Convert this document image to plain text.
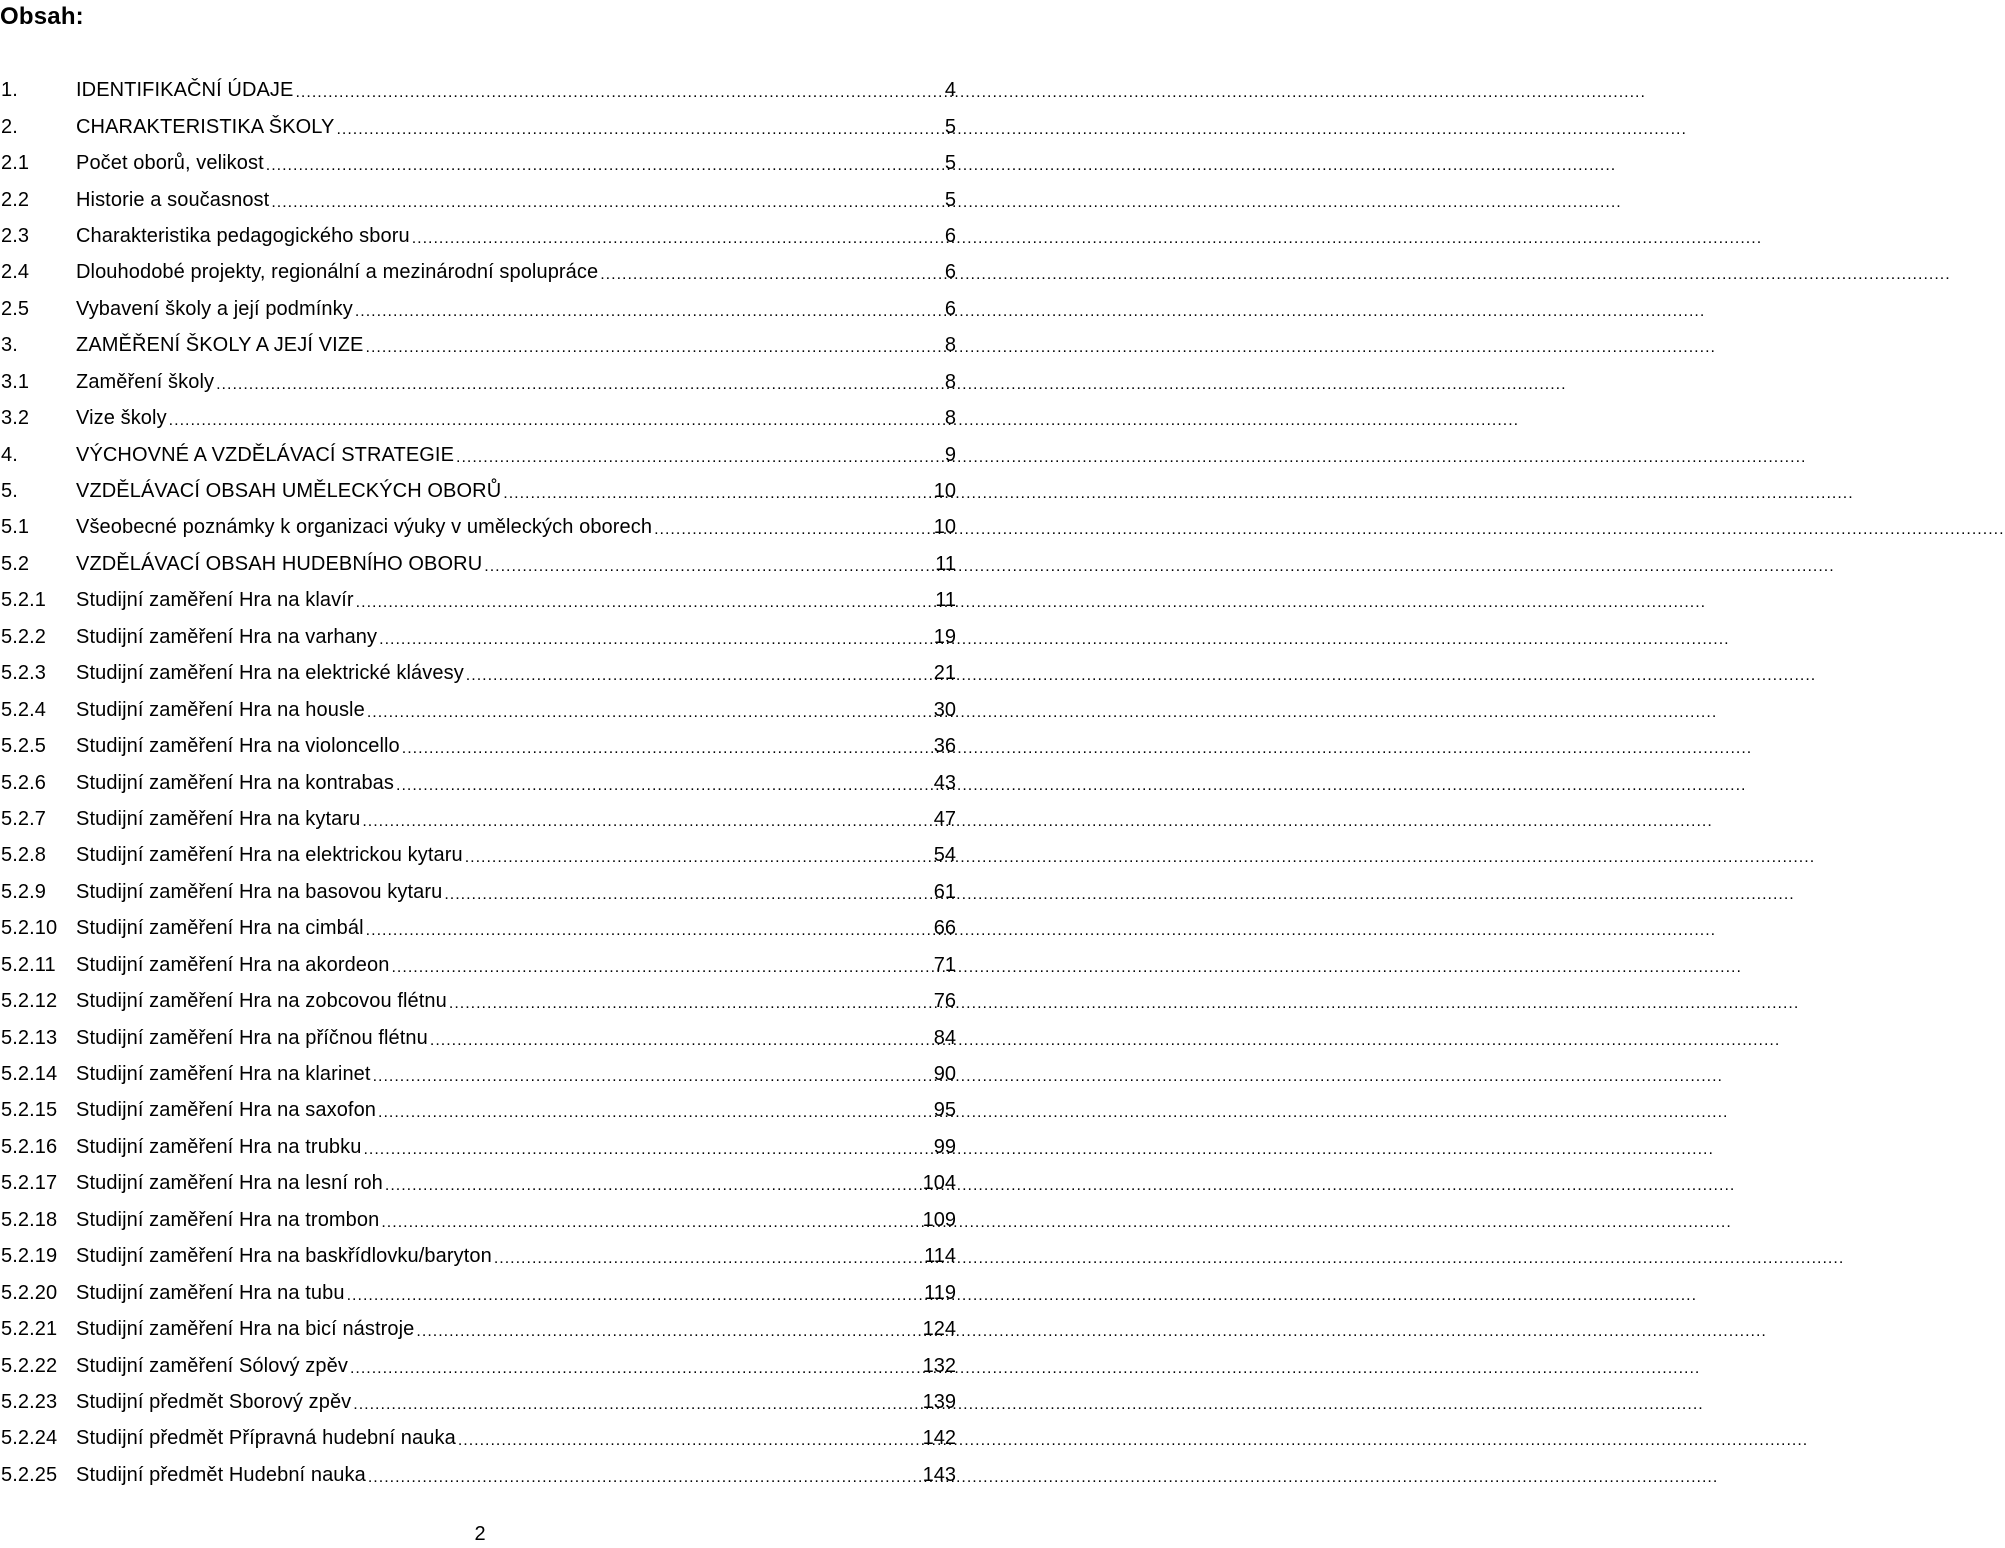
Obsah:
1.	IDENTIFIKAČNÍ ÚDAJE .....	4
2.	CHARAKTERISTIKA ŠKOLY .....	5
2.1	Počet oborů, velikost .....	5
2.2	Historie a současnost .....	5
2.3	Charakteristika pedagogického sboru .....	6
2.4	Dlouhodobé projekty, regionální a mezinárodní spolupráce .....	6
2.5	Vybavení školy a její podmínky .....	6
3.	ZAMĚŘENÍ ŠKOLY A JEJÍ VIZE .....	8
3.1	Zaměření školy .....	8
3.2	Vize školy .....	8
4.	VÝCHOVNÉ A VZDĚLÁVACÍ STRATEGIE .....	9
5.	VZDĚLÁVACÍ OBSAH UMĚLECKÝCH OBORŮ .....	10
5.1	Všeobecné poznámky k organizaci výuky v uměleckých oborech .....	10
5.2	VZDĚLÁVACÍ OBSAH HUDEBNÍHO OBORU .....	11
5.2.1	Studijní zaměření Hra na klavír .....	11
5.2.2	Studijní zaměření Hra na varhany .....	19
5.2.3	Studijní zaměření Hra na elektrické klávesy .....	21
5.2.4	Studijní zaměření Hra na housle .....	30
5.2.5	Studijní zaměření Hra na violoncello .....	36
5.2.6	Studijní zaměření Hra na kontrabas .....	43
5.2.7	Studijní zaměření Hra na kytaru .....	47
5.2.8	Studijní zaměření Hra na elektrickou kytaru .....	54
5.2.9	Studijní zaměření Hra na basovou kytaru .....	61
5.2.10 Studijní zaměření Hra na cimbál .....	66
5.2.11	Studijní zaměření Hra na akordeon .....	71
5.2.12 Studijní zaměření Hra na zobcovou flétnu .....	76
5.2.13 Studijní zaměření Hra na příčnou flétnu .....	84
5.2.14 Studijní zaměření Hra na klarinet .....	90
5.2.15 Studijní zaměření Hra na saxofon .....	95
5.2.16 Studijní zaměření Hra na trubku .....	99
5.2.17 Studijní zaměření Hra na lesní roh .....	104
5.2.18 Studijní zaměření Hra na trombon .....	109
5.2.19 Studijní zaměření Hra na baskřídlovku/baryton .....	114
5.2.20 Studijní zaměření Hra na tubu .....	119
5.2.21 Studijní zaměření Hra na bicí nástroje .....	124
5.2.22 Studijní zaměření Sólový zpěv .....	132
5.2.23 Studijní předmět Sborový zpěv .....	139
5.2.24 Studijní předmět Přípravná hudební nauka .....	142
5.2.25 Studijní předmět Hudební nauka .....	143
2
